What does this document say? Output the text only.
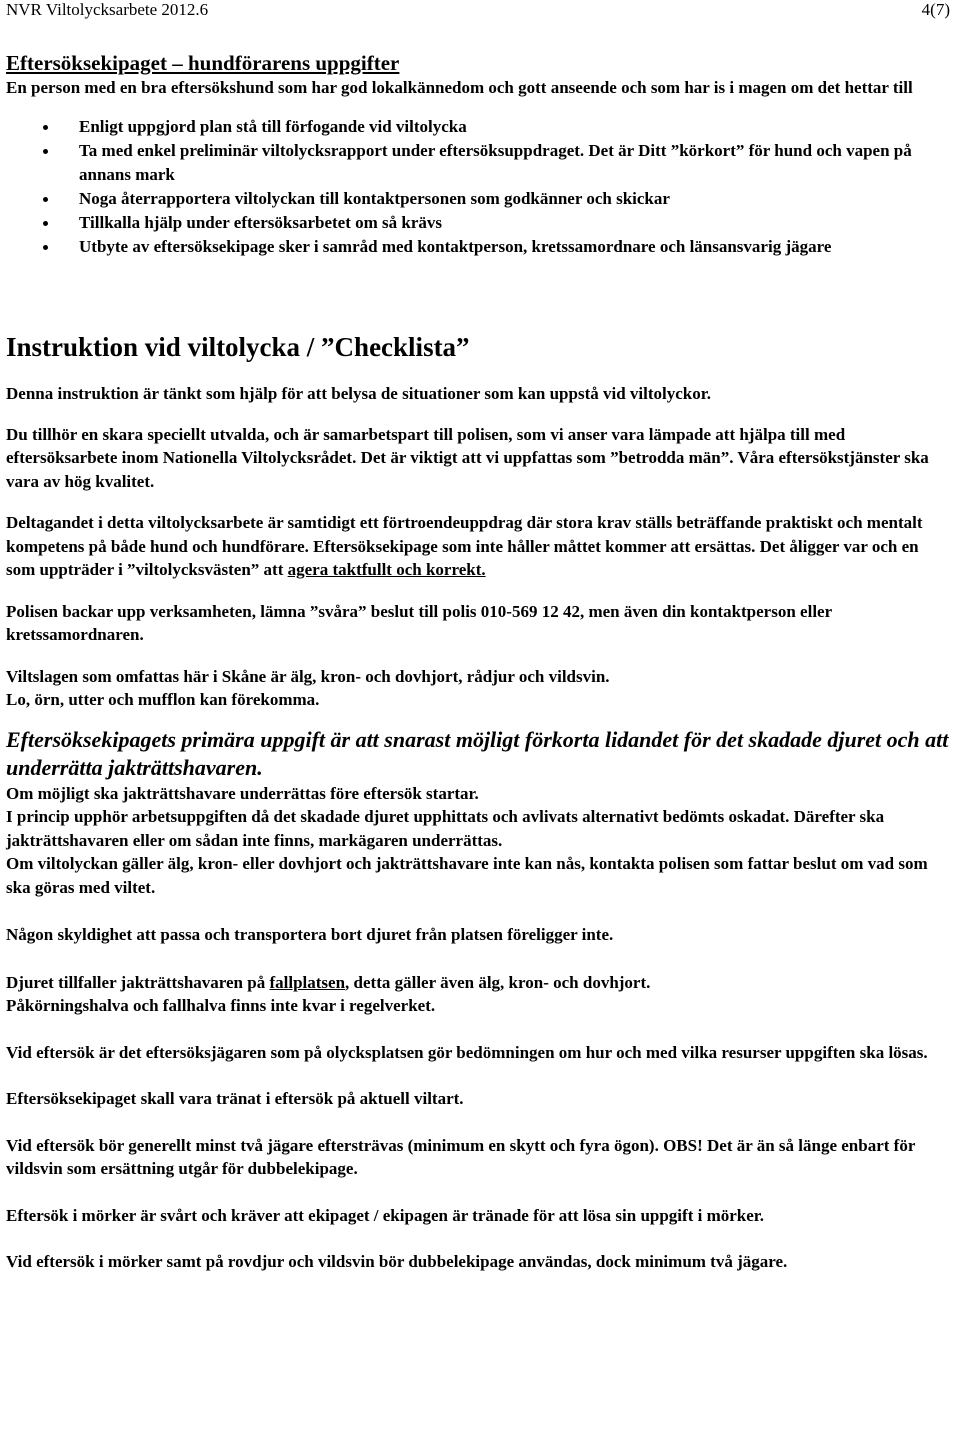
NVR Viltolycksarbete 2012.6	4(7)

Eftersöksekipaget – hundförarens uppgifter

En person med en bra eftersökshund som har god lokalkännedom och gott anseende och som har is i magen om det hettar till

Enligt uppgjord plan stå till förfogande vid viltolycka
Ta med enkel preliminär viltolycksrapport under eftersöksuppdraget. Det är Ditt ”körkort” för hund och vapen på annans mark
Noga återrapportera viltolyckan till kontaktpersonen som godkänner och skickar
Tillkalla hjälp under eftersöksarbetet om så krävs
Utbyte av eftersöksekipage sker i samråd med kontaktperson, kretssamordnare och länsansvarig jägare

Instruktion vid viltolycka / ”Checklista”

Denna instruktion är tänkt som hjälp för att belysa de situationer som kan uppstå vid viltolyckor.

Du tillhör en skara speciellt utvalda, och är samarbetspart till polisen, som vi anser vara lämpade att hjälpa till med eftersöksarbete inom Nationella Viltolycksrådet. Det är viktigt att vi uppfattas som ”betrodda män”. Våra eftersökstjänster ska vara av hög kvalitet.

Deltagandet i detta viltolycksarbete är samtidigt ett förtroendeuppdrag där stora krav ställs beträffande praktiskt och mentalt kompetens på både hund och hundförare. Eftersöksekipage som inte håller måttet kommer att ersättas. Det åligger var och en som uppträder i ”viltolycksvästen” att agera taktfullt och korrekt.

Polisen backar upp verksamheten, lämna ”svåra” beslut till polis 010-569 12 42, men även din kontaktperson eller kretssamordnaren.

Viltslagen som omfattas här i Skåne är älg, kron- och dovhjort, rådjur och vildsvin.

Lo, örn, utter och mufflon kan förekomma.

Eftersöksekipagets primära uppgift är att snarast möjligt förkorta lidandet för det skadade djuret och att underrätta jakträttshavaren.

Om möjligt ska jakträttshavare underrättas före eftersök startar.

I princip upphör arbetsuppgiften då det skadade djuret upphittats och avlivats alternativt bedömts oskadat. Därefter ska jakträttshavaren eller om sådan inte finns, markägaren underrättas.

Om viltolyckan gäller älg, kron- eller dovhjort och jakträttshavare inte kan nås, kontakta polisen som fattar beslut om vad som ska göras med viltet.

Någon skyldighet att passa och transportera bort djuret från platsen föreligger inte.

Djuret tillfaller jakträttshavaren på fallplatsen, detta gäller även älg, kron- och dovhjort.

Påkörningshalva och fallhalva finns inte kvar i regelverket.

Vid eftersök är det eftersöksjägaren som på olycksplatsen gör bedömningen om hur och med vilka resurser uppgiften ska lösas.

Eftersöksekipaget skall vara tränat i eftersök på aktuell viltart.

Vid eftersök bör generellt minst två jägare eftersträvas (minimum en skytt och fyra ögon). OBS! Det är än så länge enbart för vildsvin som ersättning utgår för dubbelekipage.

Eftersök i mörker är svårt och kräver att ekipaget / ekipagen är tränade för att lösa sin uppgift i mörker.

Vid eftersök i mörker samt på rovdjur och vildsvin bör dubbelekipage användas, dock minimum två jägare.
